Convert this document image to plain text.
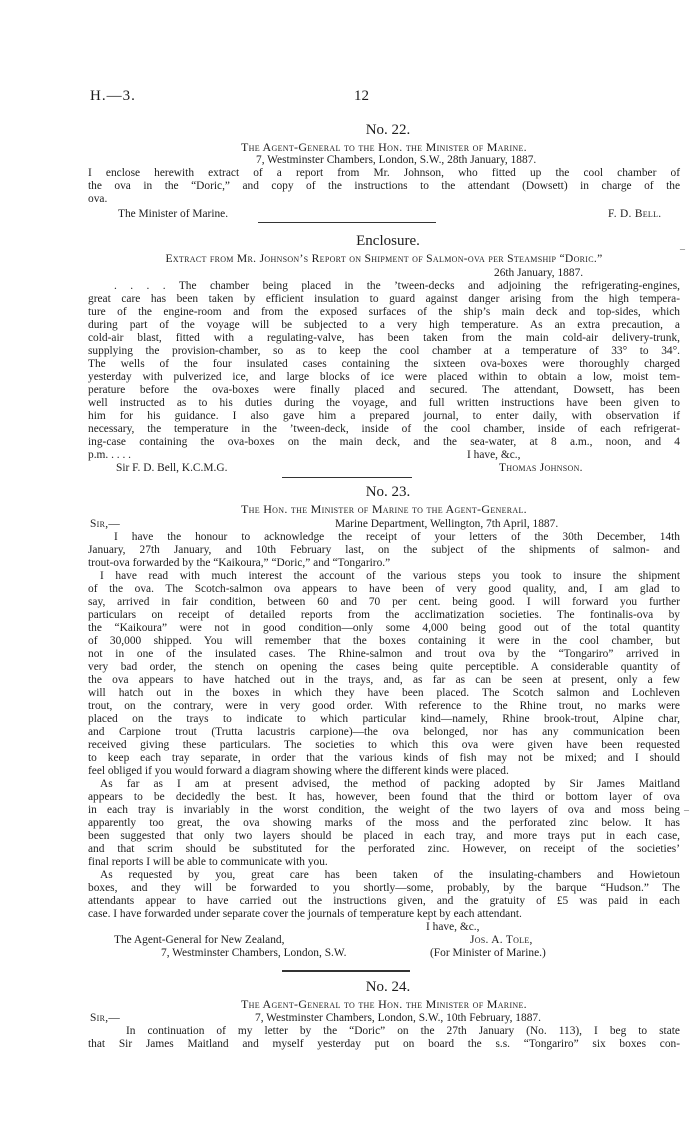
H.—3.	12
No. 22.
The Agent-General to the Hon. the Minister of Marine.
7, Westminster Chambers, London, S.W., 28th January, 1887.
I enclose herewith extract of a report from Mr. Johnson, who fitted up the cool chamber of
the ova in the “Doric,” and copy of the instructions to the attendant (Dowsett) in charge of the
ova.
The Minister of Marine.	F. D. Bell.
Enclosure.
Extract from Mr. Johnson’s Report on Shipment of Salmon-ova per Steamship “Doric.”
26th January, 1887.
. . . . The chamber being placed in the ’tween-decks and adjoining the refrigerating-engines,
great care has been taken by efficient insulation to guard against danger arising from the high tempera-
ture of the engine-room and from the exposed surfaces of the ship’s main deck and top-sides, which
during part of the voyage will be subjected to a very high temperature. As an extra precaution, a
cold-air blast, fitted with a regulating-valve, has been taken from the main cold-air delivery-trunk,
supplying the provision-chamber, so as to keep the cool chamber at a temperature of 33° to 34°.
The wells of the four insulated cases containing the sixteen ova-boxes were thoroughly charged
yesterday with pulverized ice, and large blocks of ice were placed within to obtain a low, moist tem-
perature before the ova-boxes were finally placed and secured. The attendant, Dowsett, has been
well instructed as to his duties during the voyage, and full written instructions have been given to
him for his guidance. I also gave him a prepared journal, to enter daily, with observation if
necessary, the temperature in the ’tween-deck, inside of the cool chamber, inside of each refrigerat-
ing-case containing the ova-boxes on the main deck, and the sea-water, at 8 a.m., noon, and 4
p.m. . . . .	I have, &c.,
Sir F. D. Bell, K.C.M.G.	Thomas Johnson.
No. 23.
The Hon. the Minister of Marine to the Agent-General.
Sir,—	Marine Department, Wellington, 7th April, 1887.
I have the honour to acknowledge the receipt of your letters of the 30th December, 14th
January, 27th January, and 10th February last, on the subject of the shipments of salmon- and
trout-ova forwarded by the “Kaikoura,” “Doric,” and “Tongariro.”
I have read with much interest the account of the various steps you took to insure the shipment
of the ova. The Scotch-salmon ova appears to have been of very good quality, and, I am glad to
say, arrived in fair condition, between 60 and 70 per cent. being good. I will forward you further
particulars on receipt of detailed reports from the acclimatization societies. The fontinalis-ova by
the “Kaikoura” were not in good condition—only some 4,000 being good out of the total quantity
of 30,000 shipped. You will remember that the boxes containing it were in the cool chamber, but
not in one of the insulated cases. The Rhine-salmon and trout ova by the “Tongariro” arrived in
very bad order, the stench on opening the cases being quite perceptible. A considerable quantity of
the ova appears to have hatched out in the trays, and, as far as can be seen at present, only a few
will hatch out in the boxes in which they have been placed. The Scotch salmon and Lochleven
trout, on the contrary, were in very good order. With reference to the Rhine trout, no marks were
placed on the trays to indicate to which particular kind—namely, Rhine brook-trout, Alpine char,
and Carpione trout (Trutta lacustris carpione)—the ova belonged, nor has any communication been
received giving these particulars. The societies to which this ova were given have been requested
to keep each tray separate, in order that the various kinds of fish may not be mixed; and I should
feel obliged if you would forward a diagram showing where the different kinds were placed.
As far as I am at present advised, the method of packing adopted by Sir James Maitland
appears to be decidedly the best. It has, however, been found that the third or bottom layer of ova
in each tray is invariably in the worst condition, the weight of the two layers of ova and moss being
apparently too great, the ova showing marks of the moss and the perforated zinc below. It has
been suggested that only two layers should be placed in each tray, and more trays put in each case,
and that scrim should be substituted for the perforated zinc. However, on receipt of the societies’
final reports I will be able to communicate with you.
As requested by you, great care has been taken of the insulating-chambers and Howietoun
boxes, and they will be forwarded to you shortly—some, probably, by the barque “Hudson.” The
attendants appear to have carried out the instructions given, and the gratuity of £5 was paid in each
case. I have forwarded under separate cover the journals of temperature kept by each attendant.
I have, &c.,
The Agent-General for New Zealand,
7, Westminster Chambers, London, S.W.
Jos. A. Tole,
(For Minister of Marine.)
No. 24.
The Agent-General to the Hon. the Minister of Marine.
Sir,—	7, Westminster Chambers, London, S.W., 10th February, 1887.
In continuation of my letter by the “Doric” on the 27th January (No. 113), I beg to state
that Sir James Maitland and myself yesterday put on board the s.s. “Tongariro” six boxes con-
–
–
